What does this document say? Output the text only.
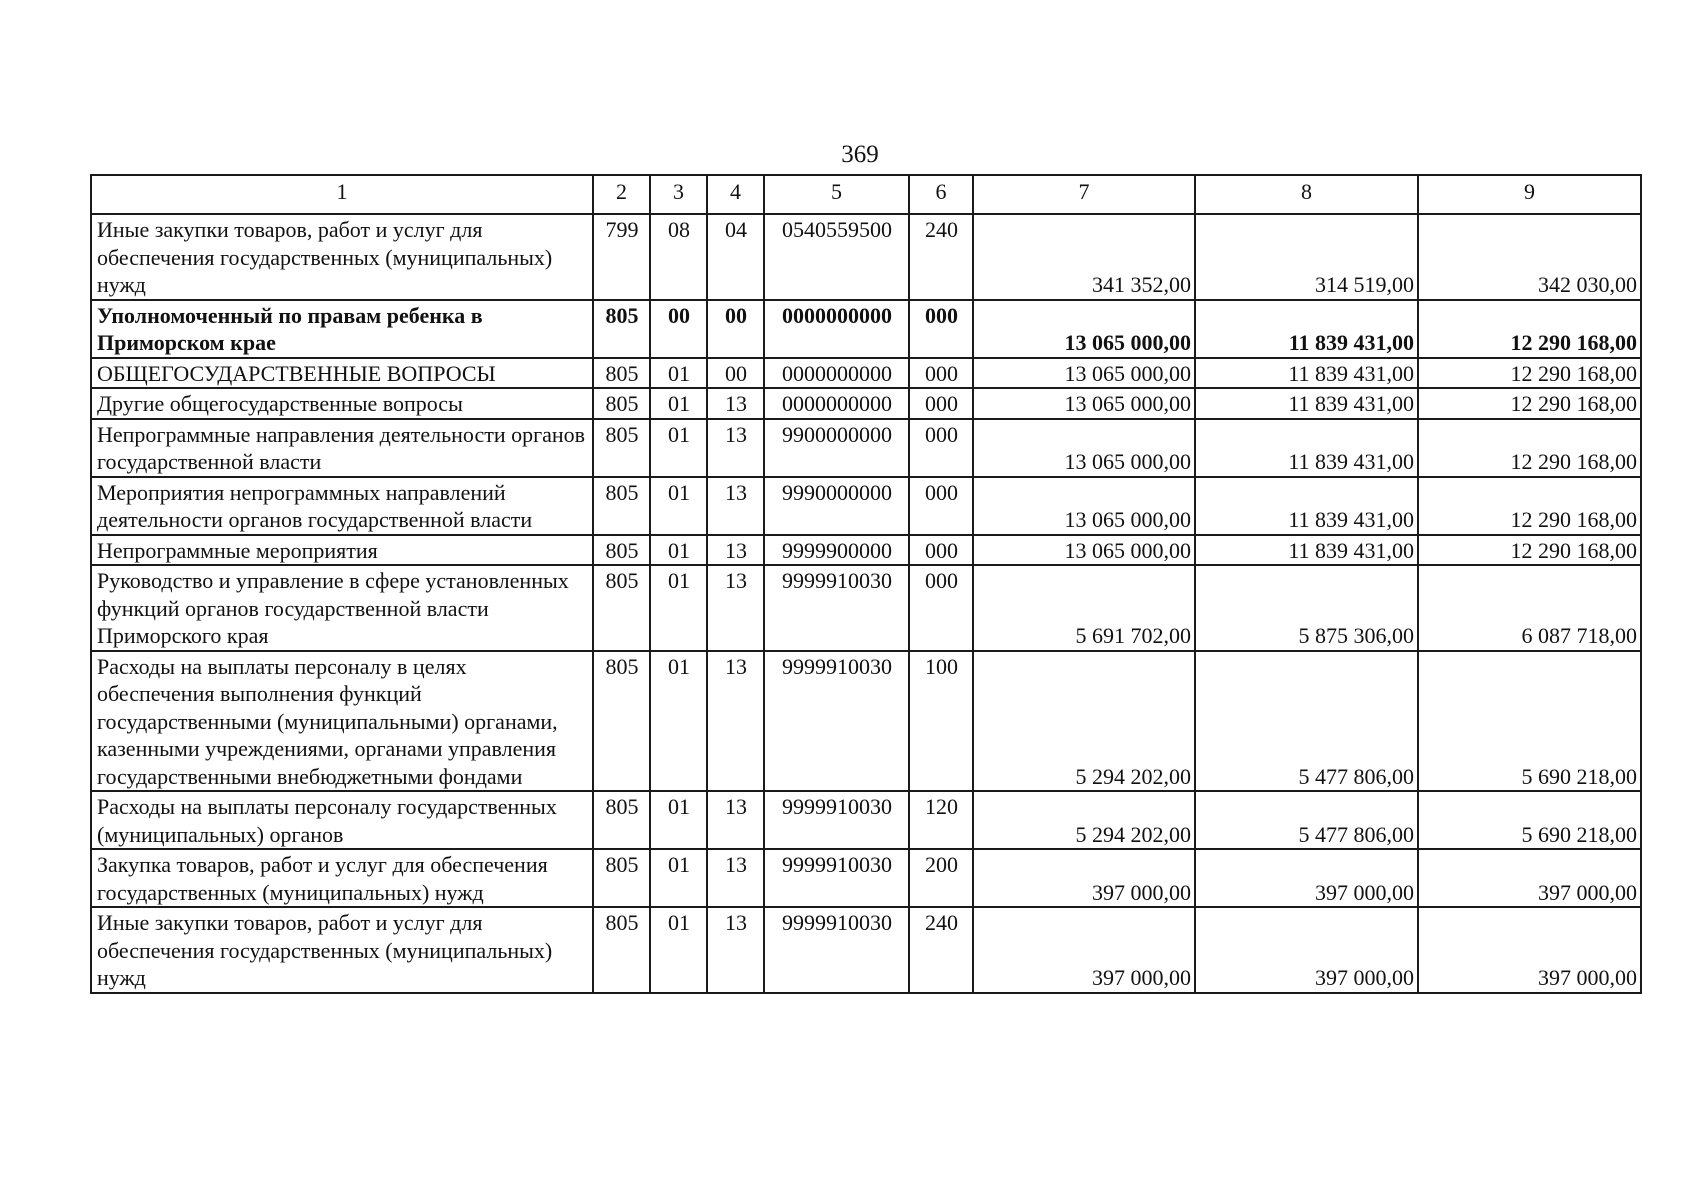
369
1	2	3	4	5	6	7	8	9
Иные закупки товаров, работ и услуг для обеспечения государственных (муниципальных) нужд	799	08	04	0540559500	240	341 352,00	314 519,00	342 030,00
Уполномоченный по правам ребенка в Приморском крае	805	00	00	0000000000	000	13 065 000,00	11 839 431,00	12 290 168,00
ОБЩЕГОСУДАРСТВЕННЫЕ ВОПРОСЫ	805	01	00	0000000000	000	13 065 000,00	11 839 431,00	12 290 168,00
Другие общегосударственные вопросы	805	01	13	0000000000	000	13 065 000,00	11 839 431,00	12 290 168,00
Непрограммные направления деятельности органов государственной власти	805	01	13	9900000000	000	13 065 000,00	11 839 431,00	12 290 168,00
Мероприятия непрограммных направлений деятельности органов государственной власти	805	01	13	9990000000	000	13 065 000,00	11 839 431,00	12 290 168,00
Непрограммные мероприятия	805	01	13	9999900000	000	13 065 000,00	11 839 431,00	12 290 168,00
Руководство и управление в сфере установленных функций органов государственной власти Приморского края	805	01	13	9999910030	000	5 691 702,00	5 875 306,00	6 087 718,00
Расходы на выплаты персоналу в целях обеспечения выполнения функций государственными (муниципальными) органами, казенными учреждениями, органами управления государственными внебюджетными фондами	805	01	13	9999910030	100	5 294 202,00	5 477 806,00	5 690 218,00
Расходы на выплаты персоналу государственных (муниципальных) органов	805	01	13	9999910030	120	5 294 202,00	5 477 806,00	5 690 218,00
Закупка товаров, работ и услуг для обеспечения государственных (муниципальных) нужд	805	01	13	9999910030	200	397 000,00	397 000,00	397 000,00
Иные закупки товаров, работ и услуг для обеспечения государственных (муниципальных) нужд	805	01	13	9999910030	240	397 000,00	397 000,00	397 000,00
